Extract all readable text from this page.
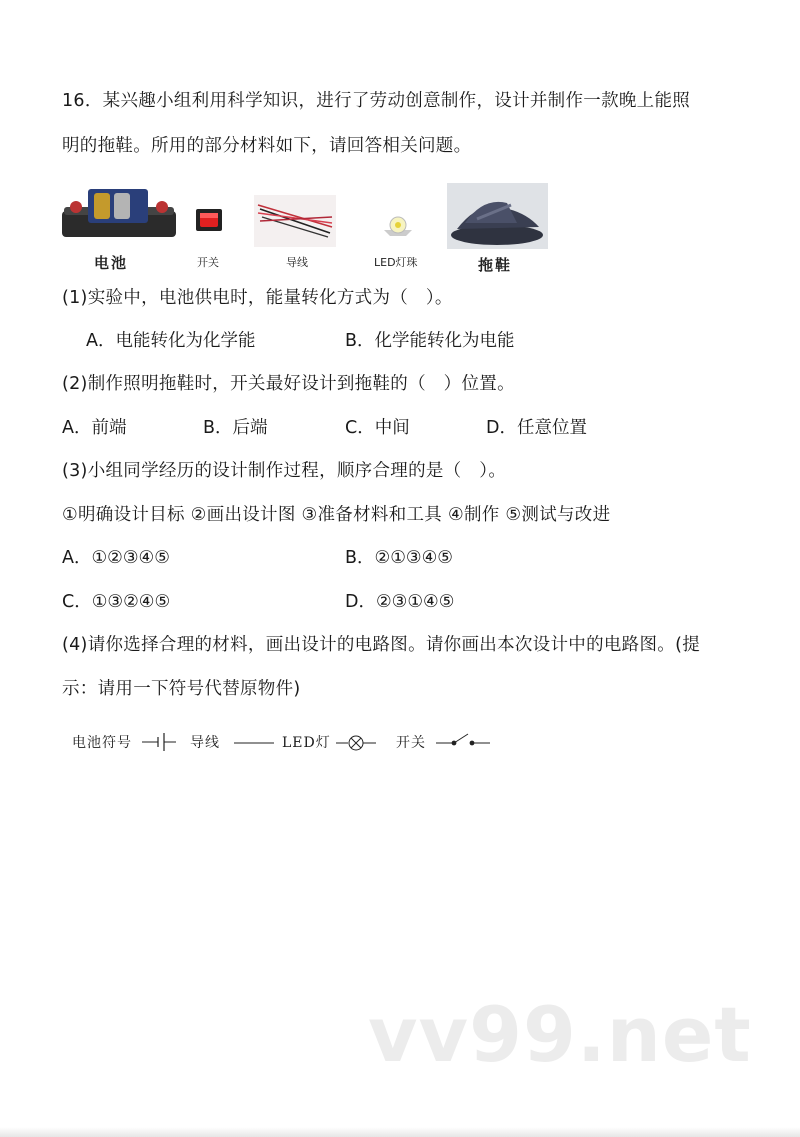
16．某兴趣小组利用科学知识，进行了劳动创意制作，设计并制作一款晚上能照
明的拖鞋。所用的部分材料如下，请回答相关问题。
电池	开关	导线	LED灯珠	拖鞋
(1)实验中，电池供电时，能量转化方式为（　）。
A．电能转化为化学能	B．化学能转化为电能
(2)制作照明拖鞋时，开关最好设计到拖鞋的（　）位置。
A．前端	B．后端	C．中间	D．任意位置
(3)小组同学经历的设计制作过程，顺序合理的是（　）。
①明确设计目标 ②画出设计图 ③准备材料和工具 ④制作 ⑤测试与改进
A．①②③④⑤	B．②①③④⑤
C．①③②④⑤	D．②③①④⑤
(4)请你选择合理的材料，画出设计的电路图。请你画出本次设计中的电路图。(提
示：请用一下符号代替原物件)
电池符号	导线	LED灯	开关
vv99.net
